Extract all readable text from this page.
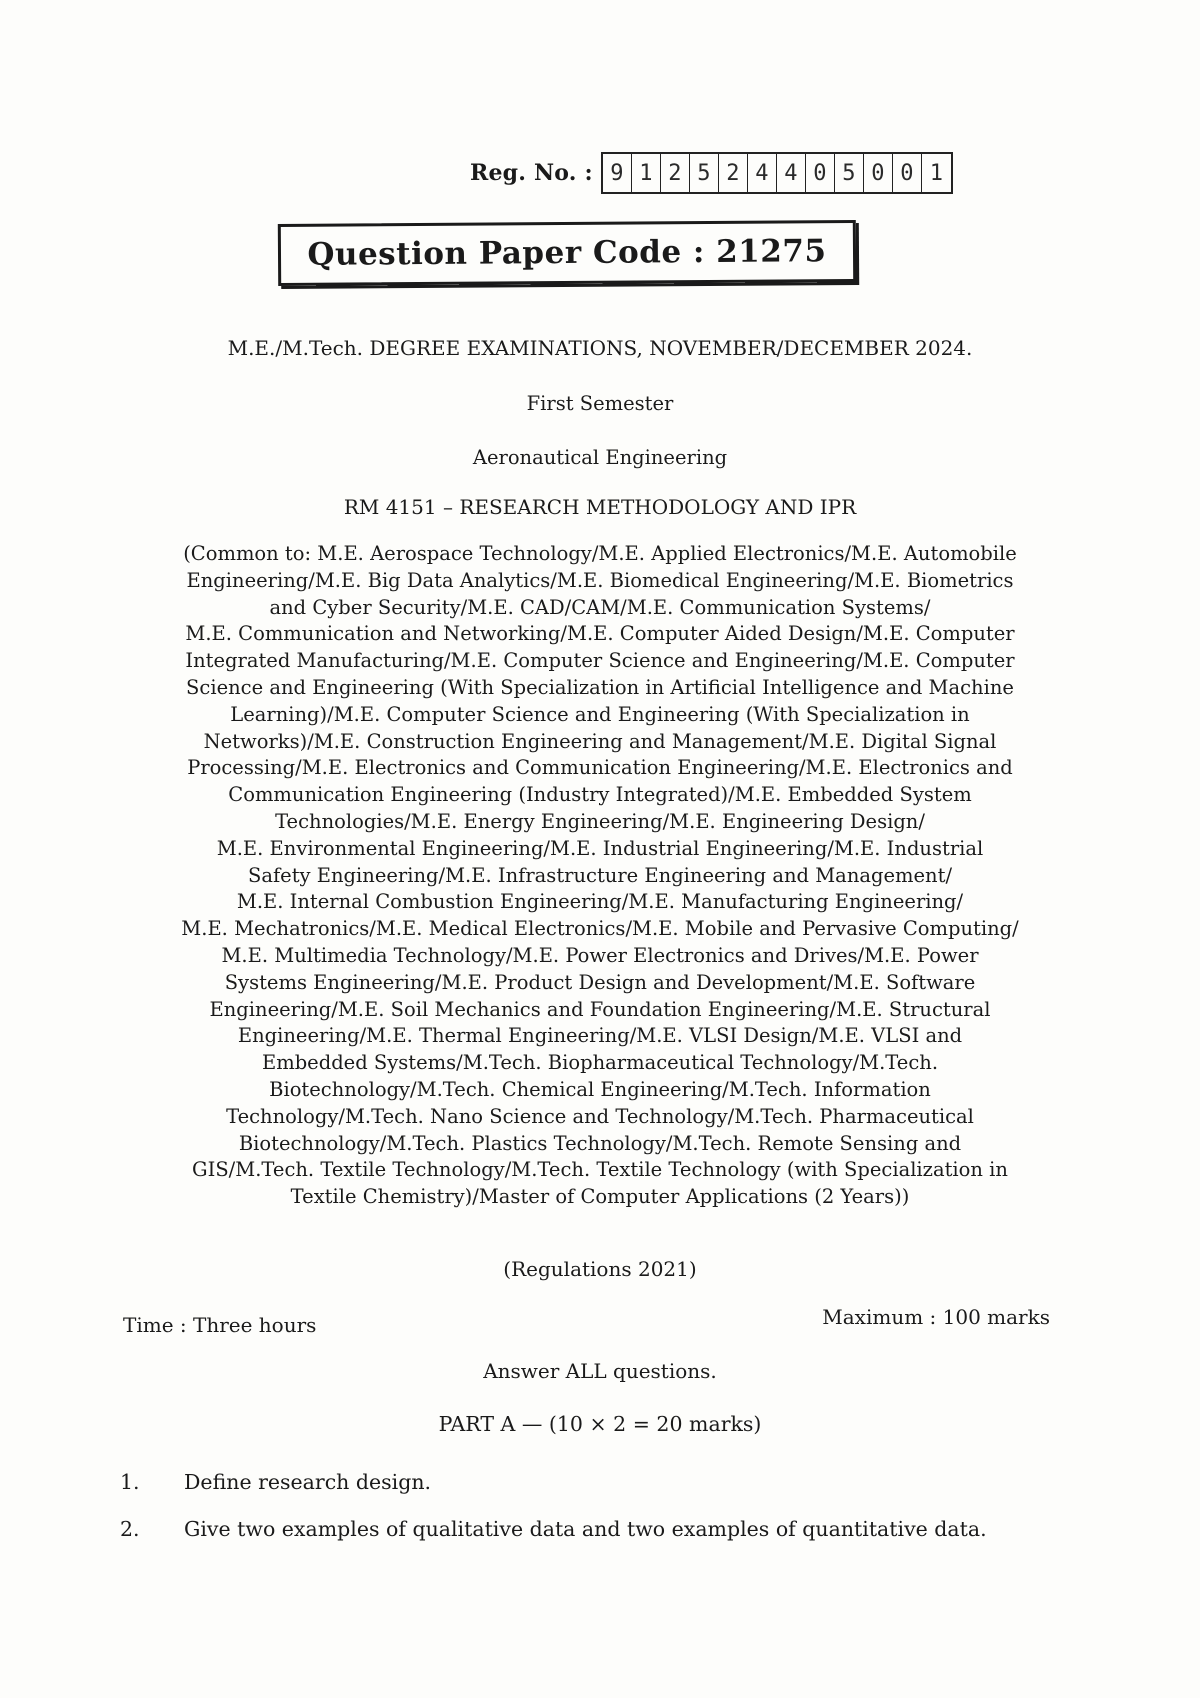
Reg. No. : 9 1 2 5 2 4 4 0 5 0 0 1
Question Paper Code : 21275
M.E./M.Tech. DEGREE EXAMINATIONS, NOVEMBER/DECEMBER 2024.
First Semester
Aeronautical Engineering
RM 4151 – RESEARCH METHODOLOGY AND IPR
(Common to: M.E. Aerospace Technology/M.E. Applied Electronics/M.E. Automobile
Engineering/M.E. Big Data Analytics/M.E. Biomedical Engineering/M.E. Biometrics
and Cyber Security/M.E. CAD/CAM/M.E. Communication Systems/
M.E. Communication and Networking/M.E. Computer Aided Design/M.E. Computer
Integrated Manufacturing/M.E. Computer Science and Engineering/M.E. Computer
Science and Engineering (With Specialization in Artificial Intelligence and Machine
Learning)/M.E. Computer Science and Engineering (With Specialization in
Networks)/M.E. Construction Engineering and Management/M.E. Digital Signal
Processing/M.E. Electronics and Communication Engineering/M.E. Electronics and
Communication Engineering (Industry Integrated)/M.E. Embedded System
Technologies/M.E. Energy Engineering/M.E. Engineering Design/
M.E. Environmental Engineering/M.E. Industrial Engineering/M.E. Industrial
Safety Engineering/M.E. Infrastructure Engineering and Management/
M.E. Internal Combustion Engineering/M.E. Manufacturing Engineering/
M.E. Mechatronics/M.E. Medical Electronics/M.E. Mobile and Pervasive Computing/
M.E. Multimedia Technology/M.E. Power Electronics and Drives/M.E. Power
Systems Engineering/M.E. Product Design and Development/M.E. Software
Engineering/M.E. Soil Mechanics and Foundation Engineering/M.E. Structural
Engineering/M.E. Thermal Engineering/M.E. VLSI Design/M.E. VLSI and
Embedded Systems/M.Tech. Biopharmaceutical Technology/M.Tech.
Biotechnology/M.Tech. Chemical Engineering/M.Tech. Information
Technology/M.Tech. Nano Science and Technology/M.Tech. Pharmaceutical
Biotechnology/M.Tech. Plastics Technology/M.Tech. Remote Sensing and
GIS/M.Tech. Textile Technology/M.Tech. Textile Technology (with Specialization in
Textile Chemistry)/Master of Computer Applications (2 Years))
(Regulations 2021)
Time : Three hours	Maximum : 100 marks
Answer ALL questions.
PART A — (10 × 2 = 20 marks)
1.	Define research design.
2.	Give two examples of qualitative data and two examples of quantitative data.
